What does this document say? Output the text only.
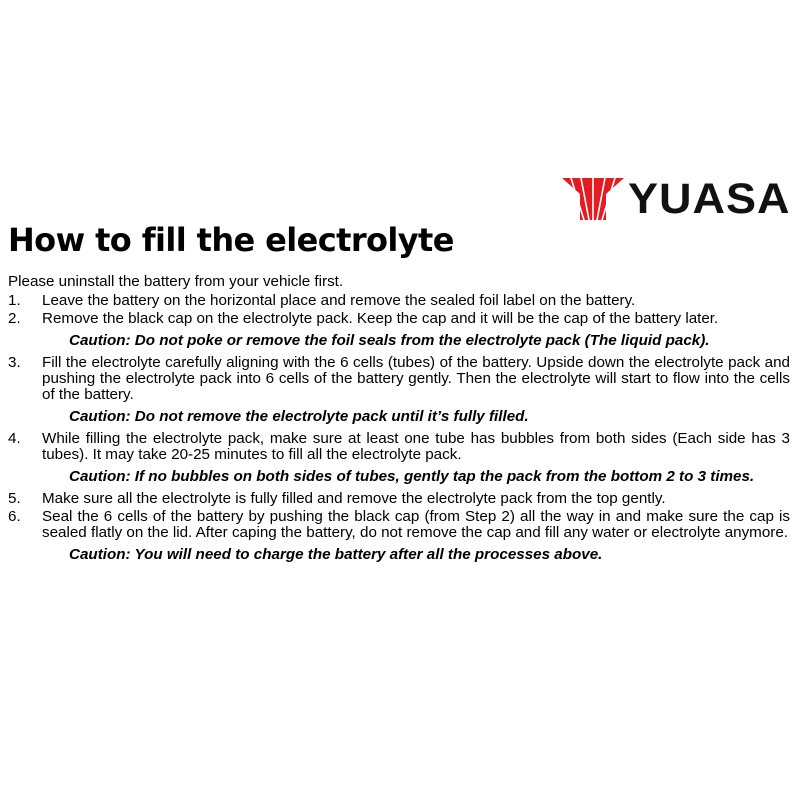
YUASA
How to fill the electrolyte

Please uninstall the battery from your vehicle first.

1.	Leave the battery on the horizontal place and remove the sealed foil label on the battery.
2.	Remove the black cap on the electrolyte pack. Keep the cap and it will be the cap of the battery later.

Caution: Do not poke or remove the foil seals from the electrolyte pack (The liquid pack).

3.	Fill the electrolyte carefully aligning with the 6 cells (tubes) of the battery. Upside down the electrolyte pack and pushing the electrolyte pack into 6 cells of the battery gently. Then the electrolyte will start to flow into the cells of the battery.

Caution: Do not remove the electrolyte pack until it’s fully filled.

4.	While filling the electrolyte pack, make sure at least one tube has bubbles from both sides (Each side has 3 tubes). It may take 20-25 minutes to fill all the electrolyte pack.

Caution: If no bubbles on both sides of tubes, gently tap the pack from the bottom 2 to 3 times.

5.	Make sure all the electrolyte is fully filled and remove the electrolyte pack from the top gently.
6.	Seal the 6 cells of the battery by pushing the black cap (from Step 2) all the way in and make sure the cap is sealed flatly on the lid. After caping the battery, do not remove the cap and fill any water or electrolyte anymore.

Caution: You will need to charge the battery after all the processes above.
